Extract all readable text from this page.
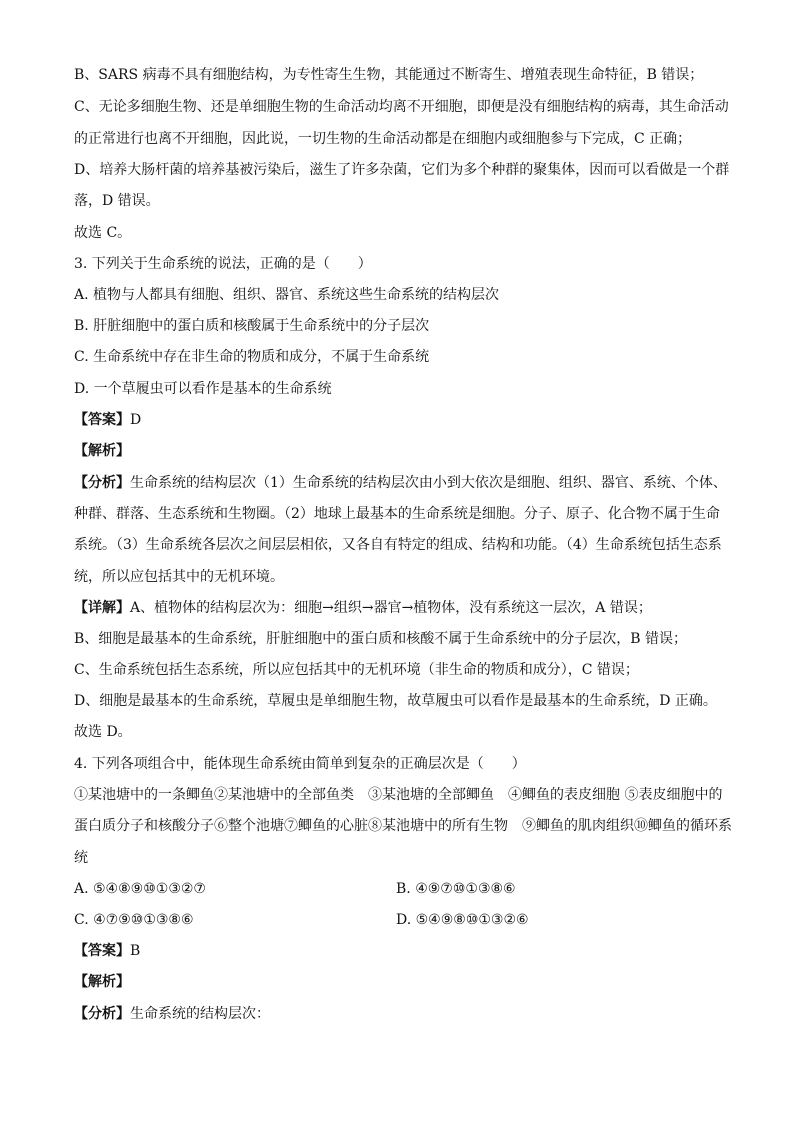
B、SARS 病毒不具有细胞结构，为专性寄生生物，其能通过不断寄生、增殖表现生命特征，B 错误；
C、无论多细胞生物、还是单细胞生物的生命活动均离不开细胞，即便是没有细胞结构的病毒，其生命活动
的正常进行也离不开细胞，因此说，一切生物的生命活动都是在细胞内或细胞参与下完成，C 正确；
D、培养大肠杆菌的培养基被污染后，滋生了许多杂菌，它们为多个种群的聚集体，因而可以看做是一个群
落，D 错误。
故选 C。
3. 下列关于生命系统的说法，正确的是（　　）
A. 植物与人都具有细胞、组织、器官、系统这些生命系统的结构层次
B. 肝脏细胞中的蛋白质和核酸属于生命系统中的分子层次
C. 生命系统中存在非生命的物质和成分，不属于生命系统
D. 一个草履虫可以看作是基本的生命系统
【答案】D
【解析】
【分析】生命系统的结构层次（1）生命系统的结构层次由小到大依次是细胞、组织、器官、系统、个体、
种群、群落、生态系统和生物圈。（2）地球上最基本的生命系统是细胞。分子、原子、化合物不属于生命
系统。（3）生命系统各层次之间层层相依，又各自有特定的组成、结构和功能。（4）生命系统包括生态系
统，所以应包括其中的无机环境。
【详解】A、植物体的结构层次为：细胞→组织→器官→植物体，没有系统这一层次，A 错误；
B、细胞是最基本的生命系统，肝脏细胞中的蛋白质和核酸不属于生命系统中的分子层次，B 错误；
C、生命系统包括生态系统，所以应包括其中的无机环境（非生命的物质和成分），C 错误；
D、细胞是最基本的生命系统，草履虫是单细胞生物，故草履虫可以看作是最基本的生命系统，D 正确。
故选 D。
4. 下列各项组合中，能体现生命系统由简单到复杂的正确层次是（　　）
①某池塘中的一条鲫鱼②某池塘中的全部鱼类　③某池塘的全部鲫鱼　④鲫鱼的表皮细胞 ⑤表皮细胞中的
蛋白质分子和核酸分子⑥整个池塘⑦鲫鱼的心脏⑧某池塘中的所有生物　⑨鲫鱼的肌肉组织⑩鲫鱼的循环系
统
A. ⑤④⑧⑨⑩①③②⑦	B. ④⑨⑦⑩①③⑧⑥
C. ④⑦⑨⑩①③⑧⑥	D. ⑤④⑨⑧⑩①③②⑥
【答案】B
【解析】
【分析】生命系统的结构层次：
